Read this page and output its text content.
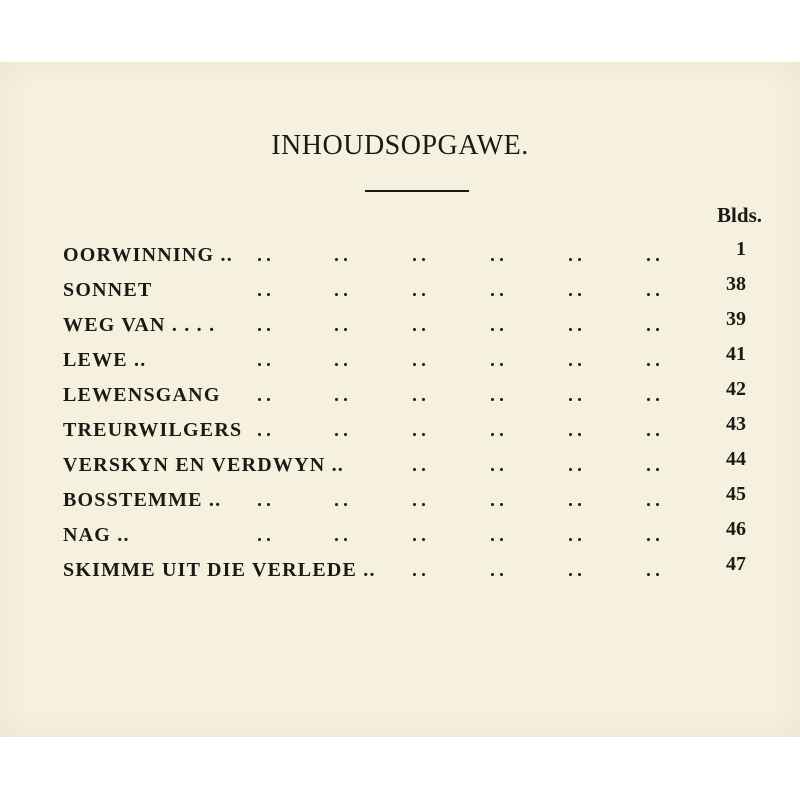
INHOUDSOPGAWE.
Blds.
OORWINNING ..	1
SONNET	38
WEG VAN . . . .	39
LEWE ..	41
LEWENSGANG	42
TREURWILGERS	43
VERSKYN EN VERDWYN ..	44
BOSSTEMME ..	45
NAG ..	46
SKIMME UIT DIE VERLEDE ..	47
